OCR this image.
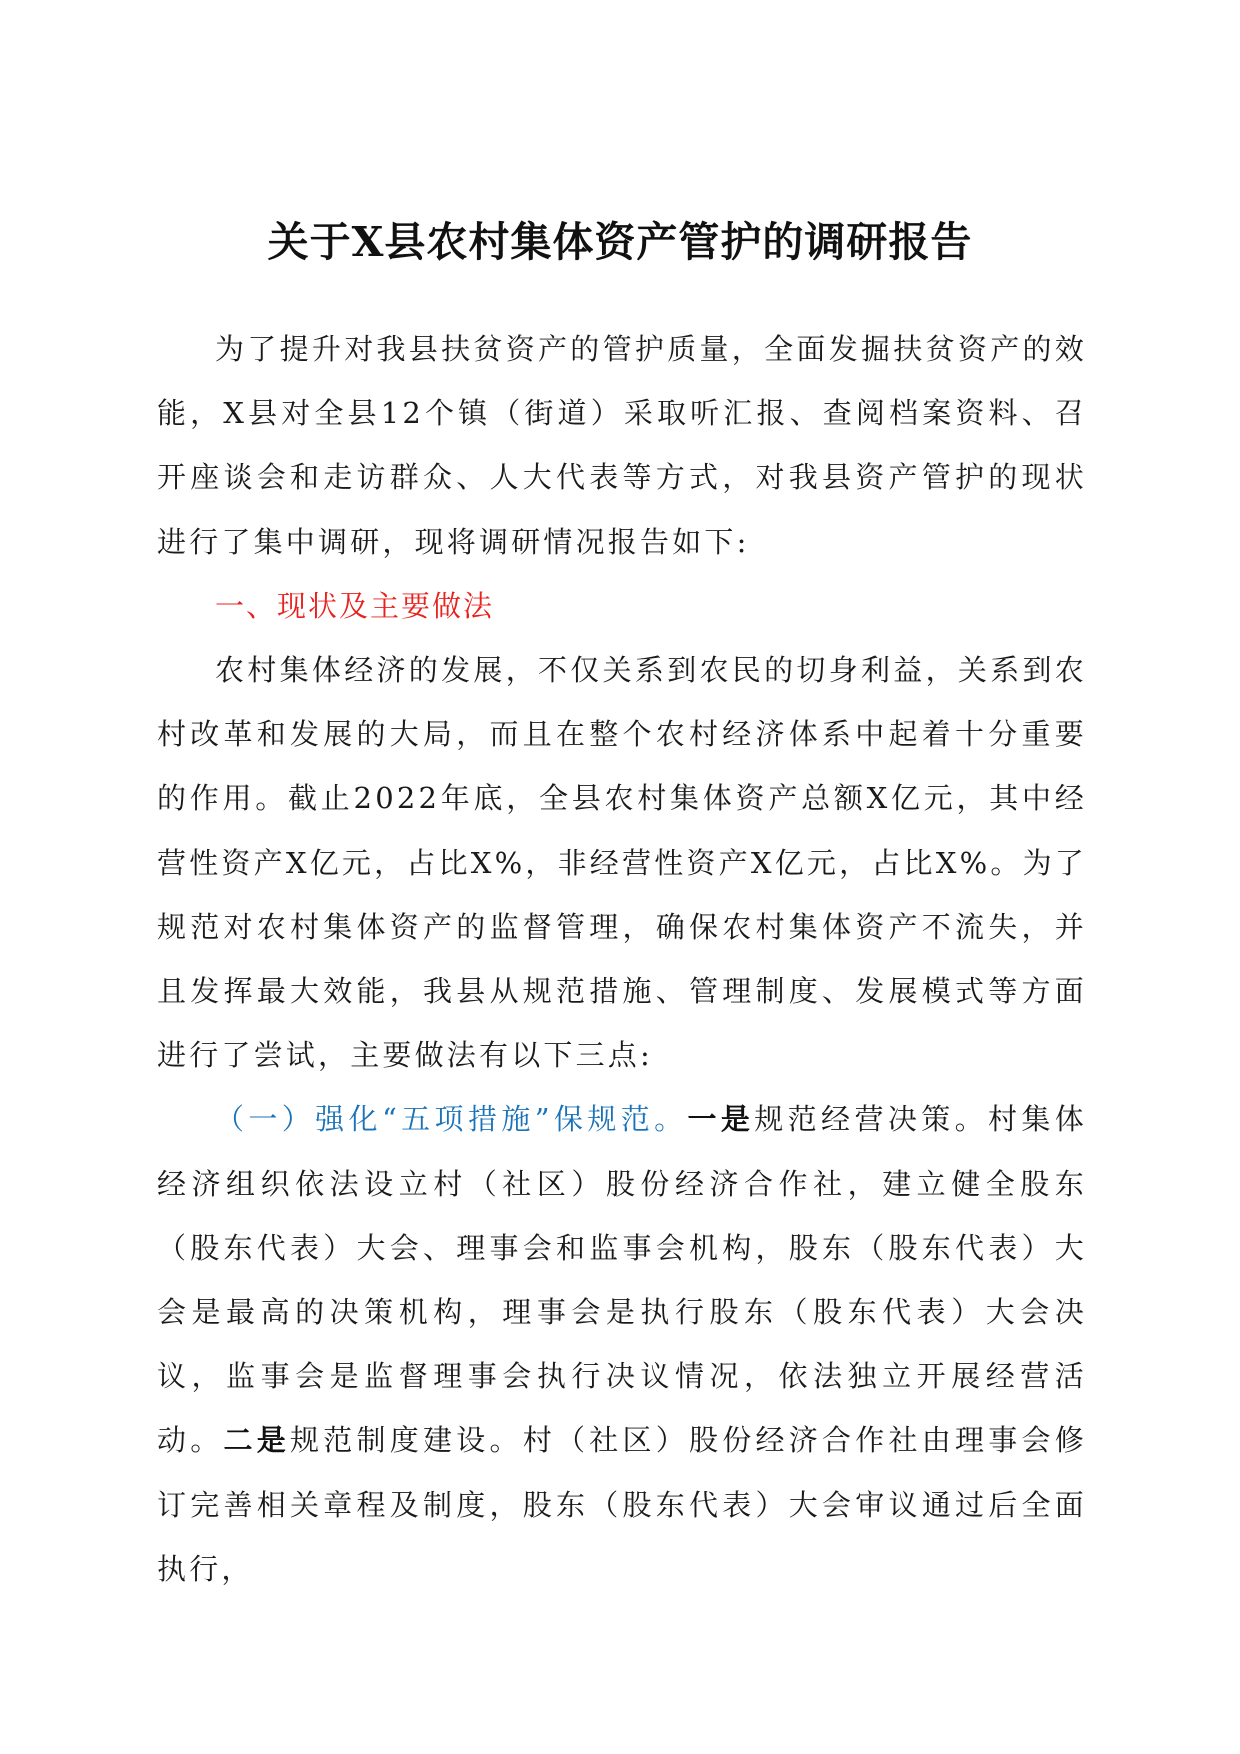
关于X县农村集体资产管护的调研报告

为了提升对我县扶贫资产的管护质量，全面发掘扶贫资产的效能，X县对全县12个镇（街道）采取听汇报、查阅档案资料、召开座谈会和走访群众、人大代表等方式，对我县资产管护的现状进行了集中调研，现将调研情况报告如下:

一、现状及主要做法

农村集体经济的发展，不仅关系到农民的切身利益，关系到农村改革和发展的大局，而且在整个农村经济体系中起着十分重要的作用。截止2022年底，全县农村集体资产总额X亿元，其中经营性资产X亿元，占比X%，非经营性资产X亿元，占比X%。为了规范对农村集体资产的监督管理，确保农村集体资产不流失，并且发挥最大效能，我县从规范措施、管理制度、发展模式等方面进行了尝试，主要做法有以下三点:

（一）强化“五项措施”保规范。一是规范经营决策。村集体经济组织依法设立村（社区）股份经济合作社，建立健全股东（股东代表）大会、理事会和监事会机构，股东（股东代表）大会是最高的决策机构，理事会是执行股东（股东代表）大会决议，监事会是监督理事会执行决议情况，依法独立开展经营活动。二是规范制度建设。村（社区）股份经济合作社由理事会修订完善相关章程及制度，股东（股东代表）大会审议通过后全面执行，
